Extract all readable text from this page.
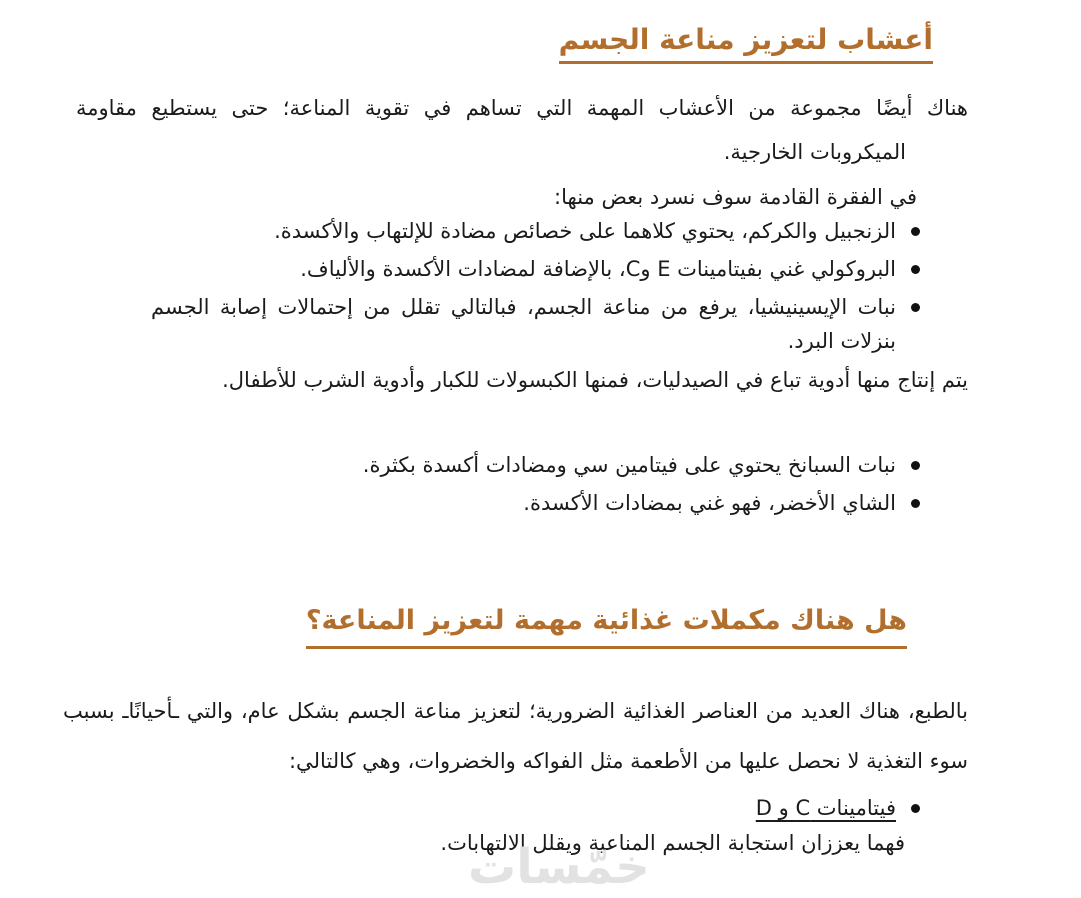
أعشاب لتعزيز مناعة الجسم

هناك أيضًا مجموعة من الأعشاب المهمة التي تساهم في تقوية المناعة؛ حتى يستطيع مقاومة الميكروبات الخارجية.

في الفقرة القادمة سوف نسرد بعض منها:

الزنجبيل والكركم، يحتوي كلاهما على خصائص مضادة للإلتهاب والأكسدة.
البروكولي غني بفيتامينات E وC، بالإضافة لمضادات الأكسدة والألياف.
نبات الإيسينيشيا، يرفع من مناعة الجسم، فبالتالي تقلل من إحتمالات إصابة الجسم بنزلات البرد.

يتم إنتاج منها أدوية تباع في الصيدليات، فمنها الكبسولات للكبار وأدوية الشرب للأطفال.

نبات السبانخ يحتوي على فيتامين سي ومضادات أكسدة بكثرة.
الشاي الأخضر، فهو غني بمضادات الأكسدة.
هل هناك مكملات غذائية مهمة لتعزيز المناعة؟

بالطبع، هناك العديد من العناصر الغذائية الضرورية؛ لتعزيز مناعة الجسم بشكل عام، والتي ـأحيانًاـ بسبب سوء التغذية لا نحصل عليها من الأطعمة مثل الفواكه والخضروات، وهي كالتالي:

فيتامينات C و D

فهما يعززان استجابة الجسم المناعية ويقلل الالتهابات.

خمّسات
